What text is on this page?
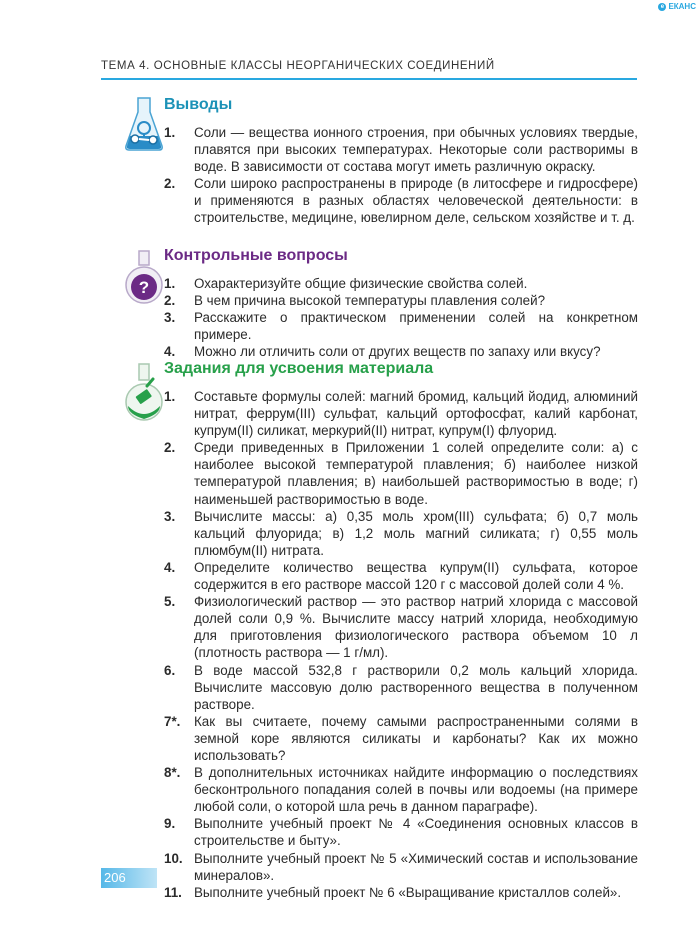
e ЕКАНС
ТЕМА 4. ОСНОВНЫЕ КЛАССЫ НЕОРГАНИЧЕСКИХ СОЕДИНЕНИЙ
Выводы
1. Соли — вещества ионного строения, при обычных условиях твердые, плавятся при высоких температурах. Некоторые соли растворимы в воде. В зависимости от состава могут иметь различную окраску.
2. Соли широко распространены в природе (в литосфере и гидросфере) и применяются в разных областях человеческой деятельности: в строительстве, медицине, ювелирном деле, сельском хозяйстве и т. д.
?
Контрольные вопросы
1. Охарактеризуйте общие физические свойства солей.
2. В чем причина высокой температуры плавления солей?
3. Расскажите о практическом применении солей на конкретном примере.
4. Можно ли отличить соли от других веществ по запаху или вкусу?
Задания для усвоения материала
1. Составьте формулы солей: магний бромид, кальций йодид, алюминий нитрат, феррум(III) сульфат, кальций ортофосфат, калий карбонат, купрум(II) силикат, меркурий(II) нитрат, купрум(I) флуорид.
2. Среди приведенных в Приложении 1 солей определите соли: а) с наиболее высокой температурой плавления; б) наиболее низкой температурой плавления; в) наибольшей растворимостью в воде; г) наименьшей растворимостью в воде.
3. Вычислите массы: а) 0,35 моль хром(III) сульфата; б) 0,7 моль кальций флуорида; в) 1,2 моль магний силиката; г) 0,55 моль плюмбум(II) нитрата.
4. Определите количество вещества купрум(II) сульфата, которое содержится в его растворе массой 120 г с массовой долей соли 4 %.
5. Физиологический раствор — это раствор натрий хлорида с массовой долей соли 0,9 %. Вычислите массу натрий хлорида, необходимую для приготовления физиологического раствора объемом 10 л (плотность раствора — 1 г/мл).
6. В воде массой 532,8 г растворили 0,2 моль кальций хлорида. Вычислите массовую долю растворенного вещества в полученном растворе.
7*. Как вы считаете, почему самыми распространенными солями в земной коре являются силикаты и карбонаты? Как их можно использовать?
8*. В дополнительных источниках найдите информацию о последствиях бесконтрольного попадания солей в почвы или водоемы (на примере любой соли, о которой шла речь в данном параграфе).
9. Выполните учебный проект № 4 «Соединения основных классов в строительстве и быту».
10. Выполните учебный проект № 5 «Химический состав и использование минералов».
11. Выполните учебный проект № 6 «Выращивание кристаллов солей».
206
